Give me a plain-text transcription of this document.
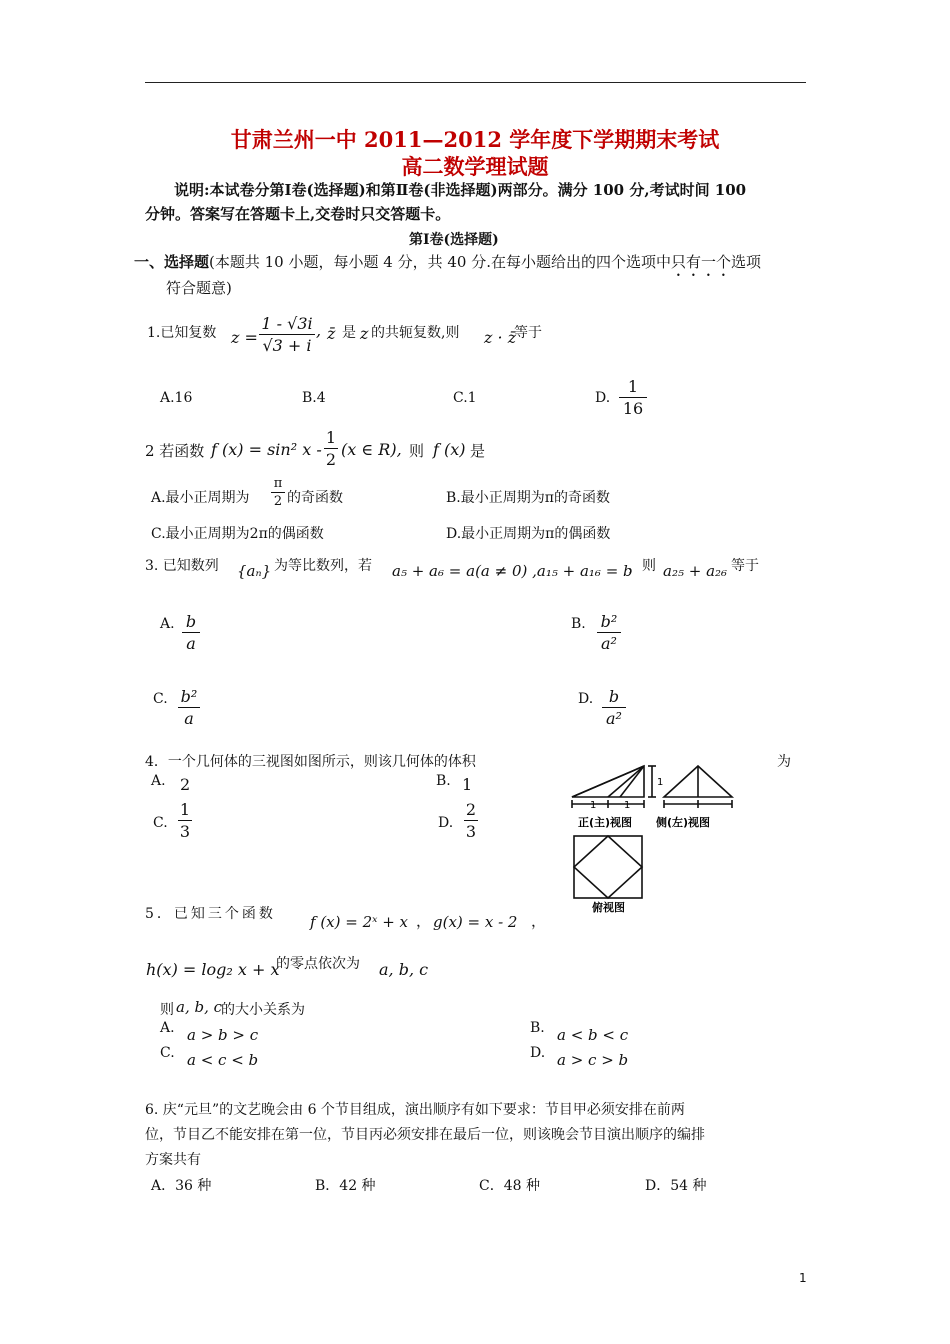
甘肃兰州一中 2011—2012 学年度下学期期末考试
高二数学理试题
说明:本试卷分第Ⅰ卷(选择题)和第Ⅱ卷(非选择题)两部分。满分 100 分,考试时间 100
分钟。答案写在答题卡上,交卷时只交答题卡。
第Ⅰ卷(选择题)
一、选择题(本题共 10 小题，每小题 4 分，共 40 分.在每小题给出的四个选项中只有一个选项
符合题意)
1.已知复数 z =
1 - √3i
√3 + i
, z̄ 是 z 的共轭复数,则 z · z̄
等于
A.16	B.4	C.1	D.
1
16
2 若函数 f (x) = sin² x -
1
2
(x ∈ R), 则 f (x) 是
A.最小正周期为
π
2 的奇函数	B.最小正周期为π的奇函数
C.最小正周期为2π的偶函数	D.最小正周期为π的偶函数
3. 已知数列 {aₙ} 为等比数列，若 a₅ + a₆ = a(a ≠ 0) ,a₁₅ + a₁₆ = b
，则 a₂₅ + a₂₆ 等于
A. b
a
B. b²
a²
C. b²
a
D. b
a²
4．一个几何体的三视图如图所示，则该几何体的体积	为
A. 2	B. 1
C.
1
3	D.
2
3
1	1
1
正(主)视图 侧(左)视图
俯视图
5．已知三个函数 f (x) = 2ˣ + x ， g(x) = x - 2 ，
h(x) = log₂ x + x
的零点依次为 a, b, c
则 a, b, c
的大小关系为
A. a > b > c	B. a < b < c
C. a < c < b	D. a > c > b
6. 庆“元旦”的文艺晚会由 6 个节目组成，演出顺序有如下要求：节目甲必须安排在前两
位，节目乙不能安排在第一位，节目丙必须安排在最后一位，则该晚会节目演出顺序的编排
方案共有
A．36 种	B．42 种	C．48 种	D．54 种
1
